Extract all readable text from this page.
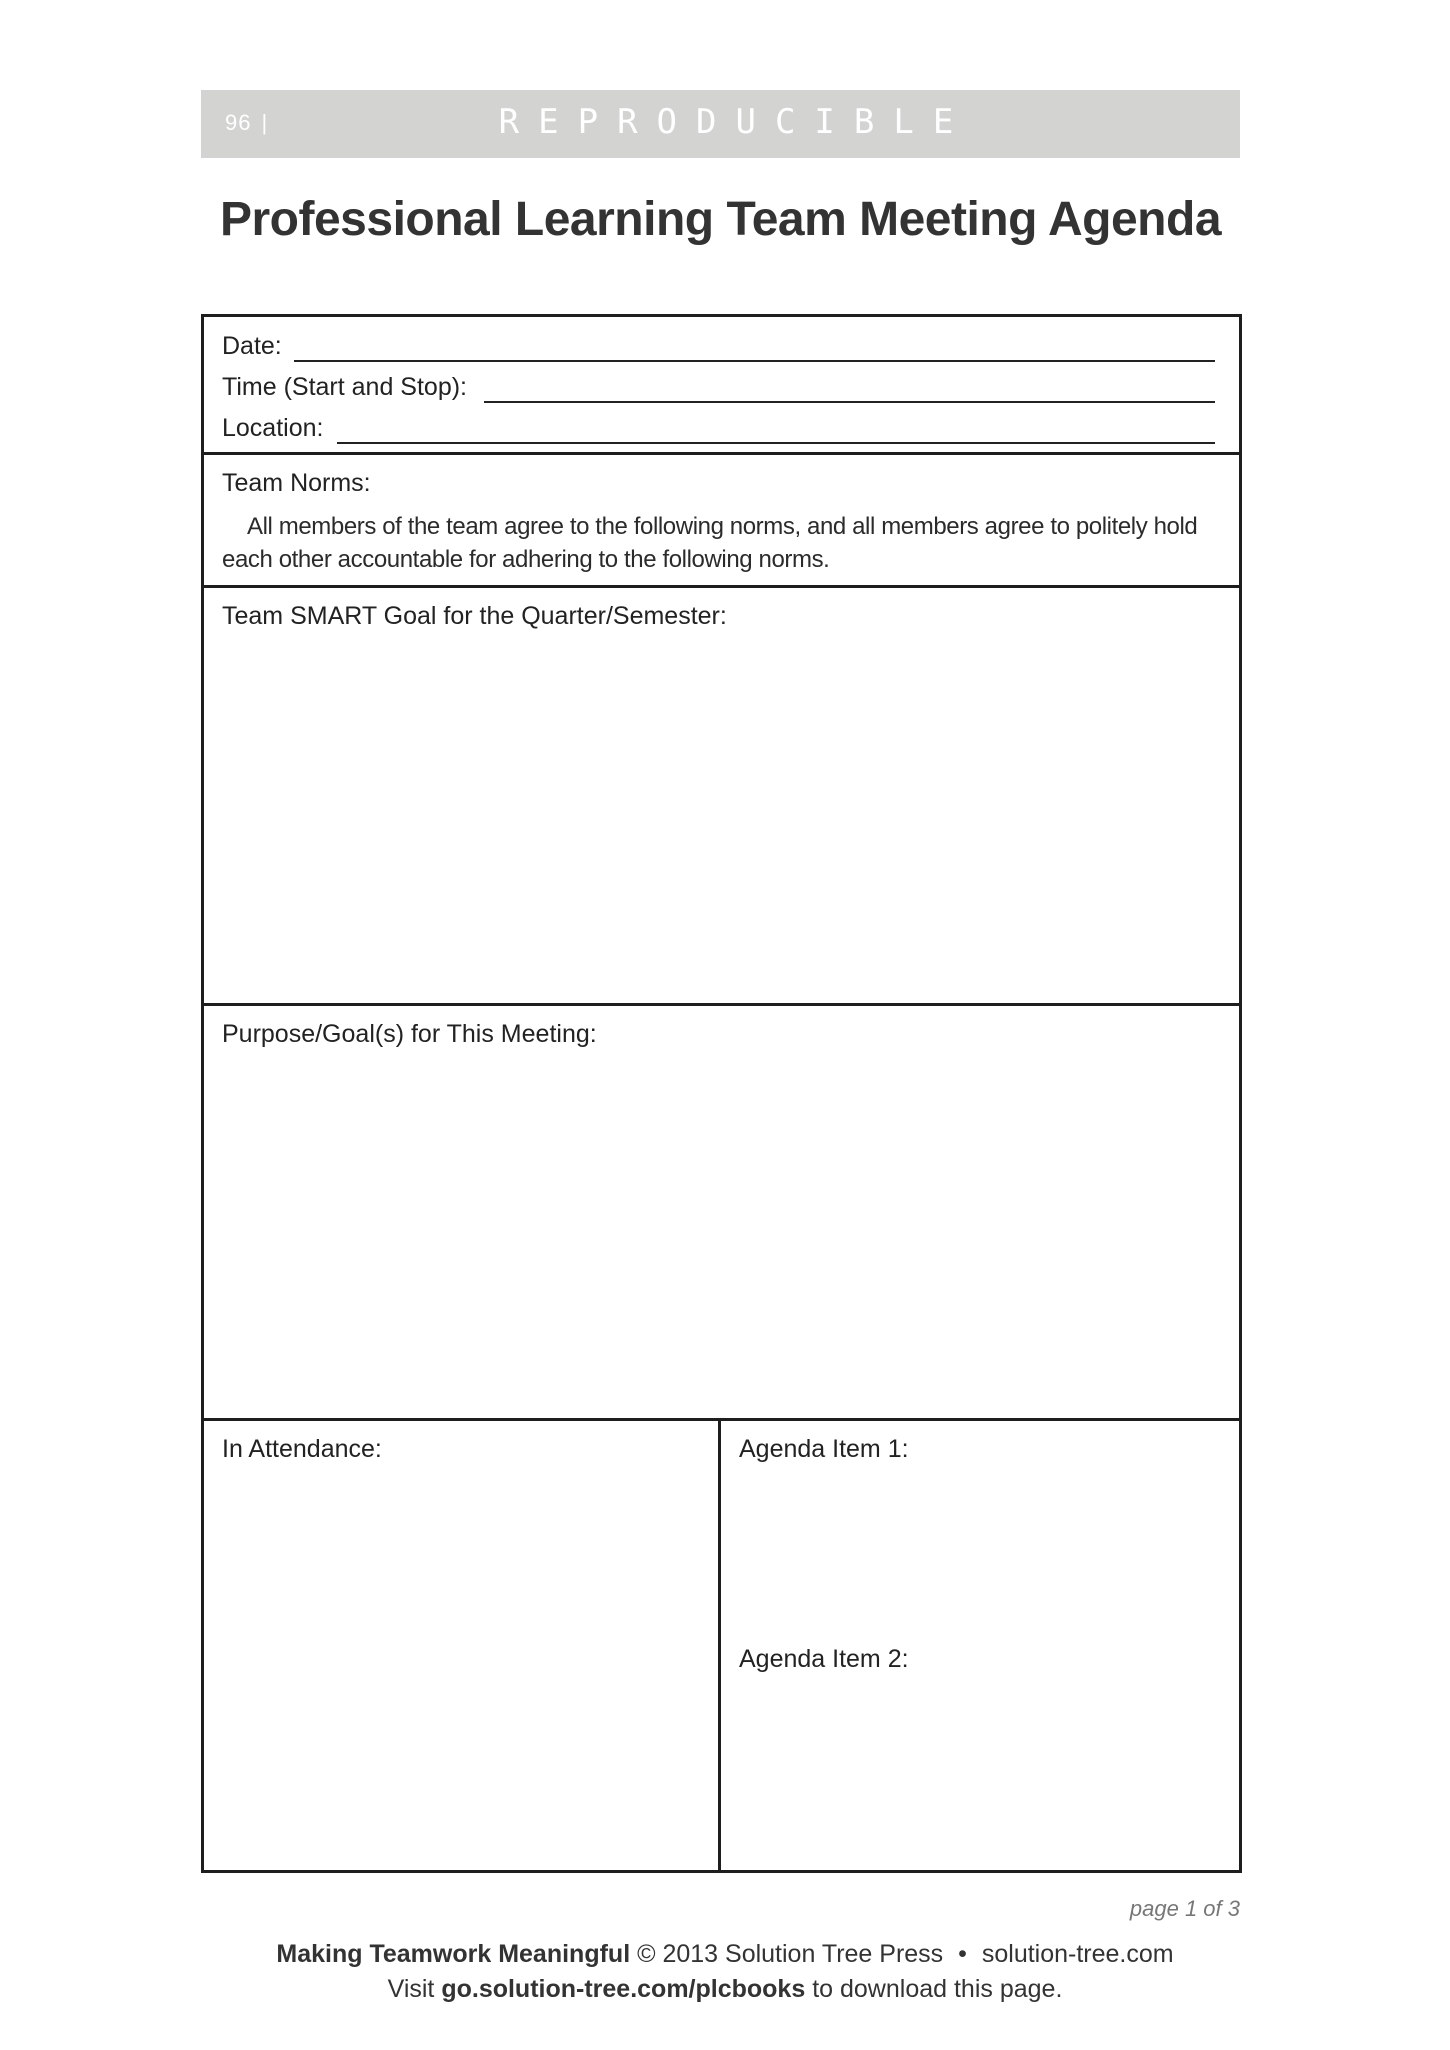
96 |	REPRODUCIBLE
Professional Learning Team Meeting Agenda
Date:
Time (Start and Stop):
Location:
Team Norms:
All members of the team agree to the following norms, and all members agree to politely hold each other accountable for adhering to the following norms.
Team SMART Goal for the Quarter/Semester:
Purpose/Goal(s) for This Meeting:
In Attendance:	Agenda Item 1:
Agenda Item 2:
page 1 of 3
Making Teamwork Meaningful © 2013 Solution Tree Press • solution-tree.com
Visit go.solution-tree.com/plcbooks to download this page.
